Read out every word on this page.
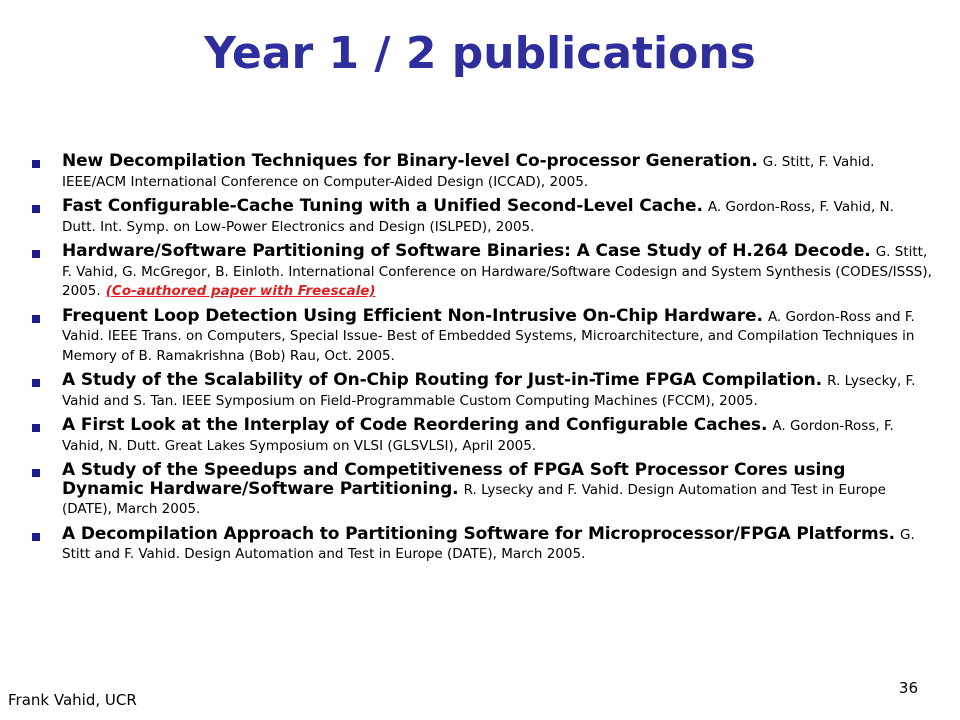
Year 1 / 2 publications
New Decompilation Techniques for Binary-level Co-processor Generation. G. Stitt, F. Vahid. IEEE/ACM International Conference on Computer-Aided Design (ICCAD), 2005.
Fast Configurable-Cache Tuning with a Unified Second-Level Cache. A. Gordon-Ross, F. Vahid, N. Dutt. Int. Symp. on Low-Power Electronics and Design (ISLPED), 2005.
Hardware/Software Partitioning of Software Binaries: A Case Study of H.264 Decode. G. Stitt, F. Vahid, G. McGregor, B. Einloth. International Conference on Hardware/Software Codesign and System Synthesis (CODES/ISSS), 2005. (Co-authored paper with Freescale)
Frequent Loop Detection Using Efficient Non-Intrusive On-Chip Hardware. A. Gordon-Ross and F. Vahid. IEEE Trans. on Computers, Special Issue- Best of Embedded Systems, Microarchitecture, and Compilation Techniques in Memory of B. Ramakrishna (Bob) Rau, Oct. 2005.
A Study of the Scalability of On-Chip Routing for Just-in-Time FPGA Compilation. R. Lysecky, F. Vahid and S. Tan. IEEE Symposium on Field-Programmable Custom Computing Machines (FCCM), 2005.
A First Look at the Interplay of Code Reordering and Configurable Caches. A. Gordon-Ross, F. Vahid, N. Dutt. Great Lakes Symposium on VLSI (GLSVLSI), April 2005.
A Study of the Speedups and Competitiveness of FPGA Soft Processor Cores using Dynamic Hardware/Software Partitioning. R. Lysecky and F. Vahid. Design Automation and Test in Europe (DATE), March 2005.
A Decompilation Approach to Partitioning Software for Microprocessor/FPGA Platforms. G. Stitt and F. Vahid. Design Automation and Test in Europe (DATE), March 2005.
Frank Vahid, UCR
36
